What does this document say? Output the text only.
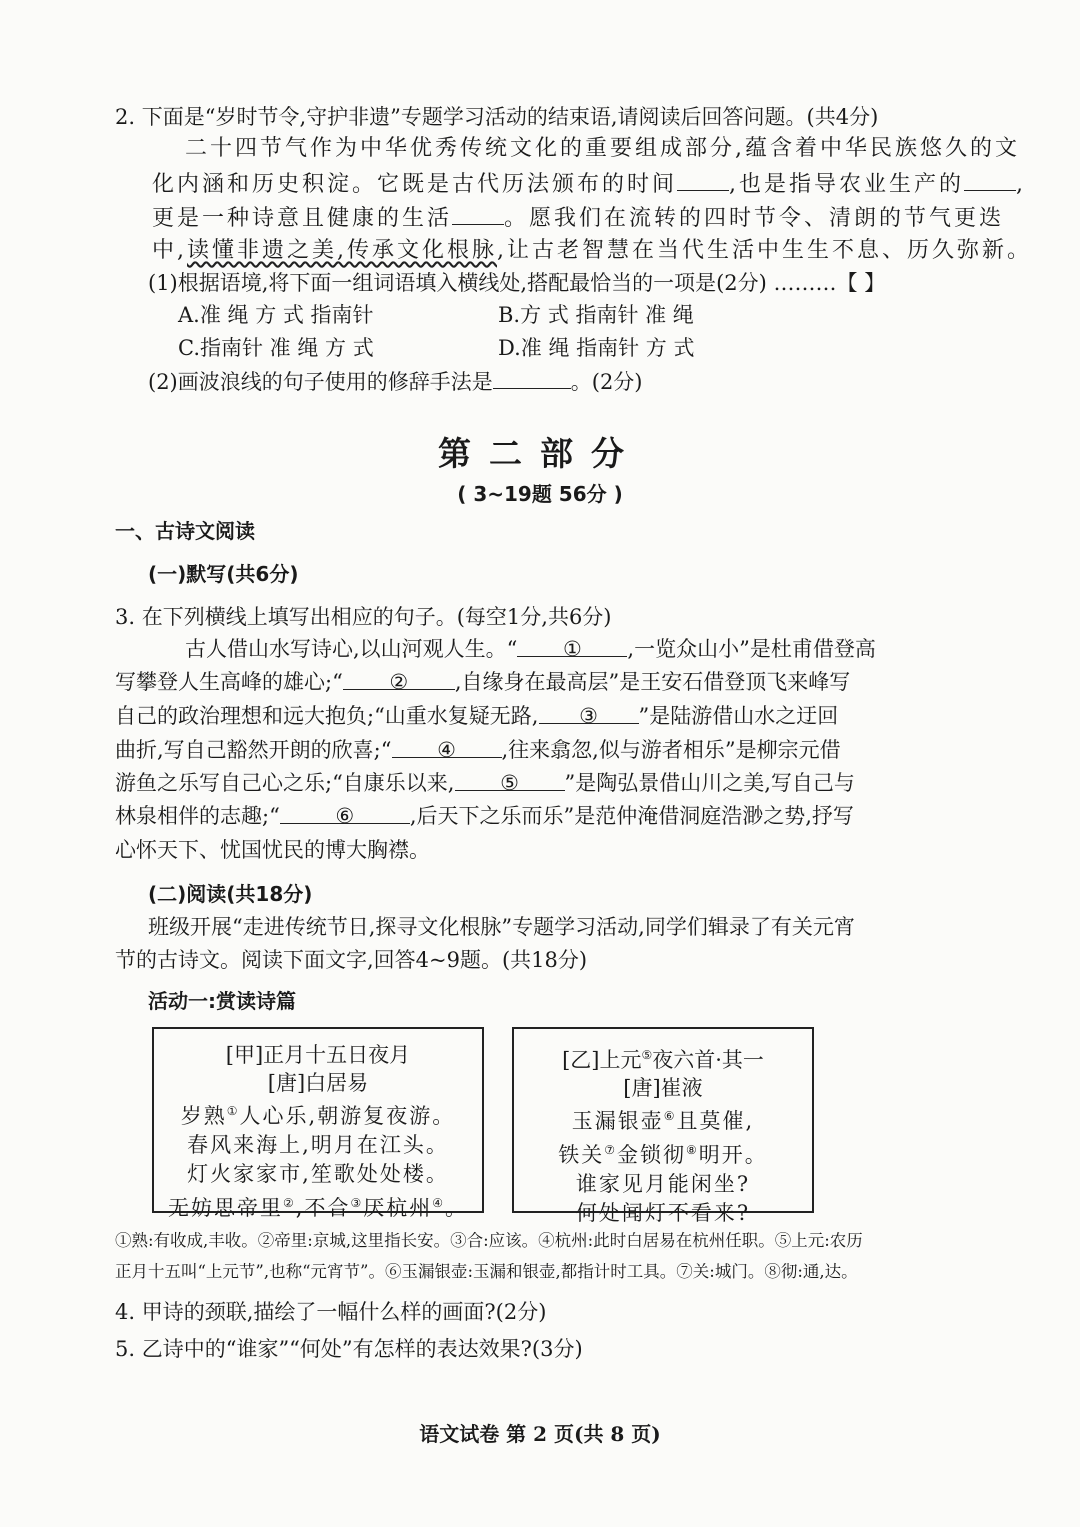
2. 下面是“岁时节令,守护非遗”专题学习活动的结束语,请阅读后回答问题。(共4分)
二十四节气作为中华优秀传统文化的重要组成部分,蕴含着中华民族悠久的文
化内涵和历史积淀。它既是古代历法颁布的时间 ,也是指导农业生产的 ,
更是一种诗意且健康的生活 。愿我们在流转的四时节令、清朗的节气更迭
中,读懂非遗之美,传承文化根脉,让古老智慧在当代生活中生生不息、历久弥新。
(1)根据语境,将下面一组词语填入横线处,搭配最恰当的一项是(2分) ………【 】
A.准 绳 方 式 指南针	B.方 式 指南针 准 绳
C.指南针 准 绳 方 式	D.准 绳 指南针 方 式
(2)画波浪线的句子使用的修辞手法是	。(2分)
第二部分
( 3~19题 56分 )
一、古诗文阅读
(一)默写(共6分)
3. 在下列横线上填写出相应的句子。(每空1分,共6分)
古人借山水写诗心,以山河观人生。“ ① ,一览众山小”是杜甫借登高
写攀登人生高峰的雄心;“ ② ,自缘身在最高层”是王安石借登顶飞来峰写
自己的政治理想和远大抱负;“山重水复疑无路, ③ ”是陆游借山水之迂回
曲折,写自己豁然开朗的欣喜;“ ④ ,往来翕忽,似与游者相乐”是柳宗元借
游鱼之乐写自己心之乐;“自康乐以来, ⑤ ”是陶弘景借山川之美,写自己与
林泉相伴的志趣;“	⑥	,后天下之乐而乐”是范仲淹借洞庭浩渺之势,抒写
心怀天下、忧国忧民的博大胸襟。
(二)阅读(共18分)
班级开展“走进传统节日,探寻文化根脉”专题学习活动,同学们辑录了有关元宵
节的古诗文。阅读下面文字,回答4~9题。(共18分)
活动一:赏读诗篇
[甲]正月十五日夜月
[唐]白居易
岁熟①人心乐,朝游复夜游。
春风来海上,明月在江头。
灯火家家市,笙歌处处楼。
无妨思帝里②,不合③厌杭州④。
[乙]上元⑤夜六首·其一
[唐]崔液
玉漏银壶⑥且莫催,
铁关⑦金锁彻⑧明开。
谁家见月能闲坐?
何处闻灯不看来?
①熟:有收成,丰收。②帝里:京城,这里指长安。③合:应该。④杭州:此时白居易在杭州任职。⑤上元:农历
正月十五叫“上元节”,也称“元宵节”。⑥玉漏银壶:玉漏和银壶,都指计时工具。⑦关:城门。⑧彻:通,达。
4. 甲诗的颈联,描绘了一幅什么样的画面?(2分)
5. 乙诗中的“谁家”“何处”有怎样的表达效果?(3分)
语文试卷 第 2 页(共 8 页)
